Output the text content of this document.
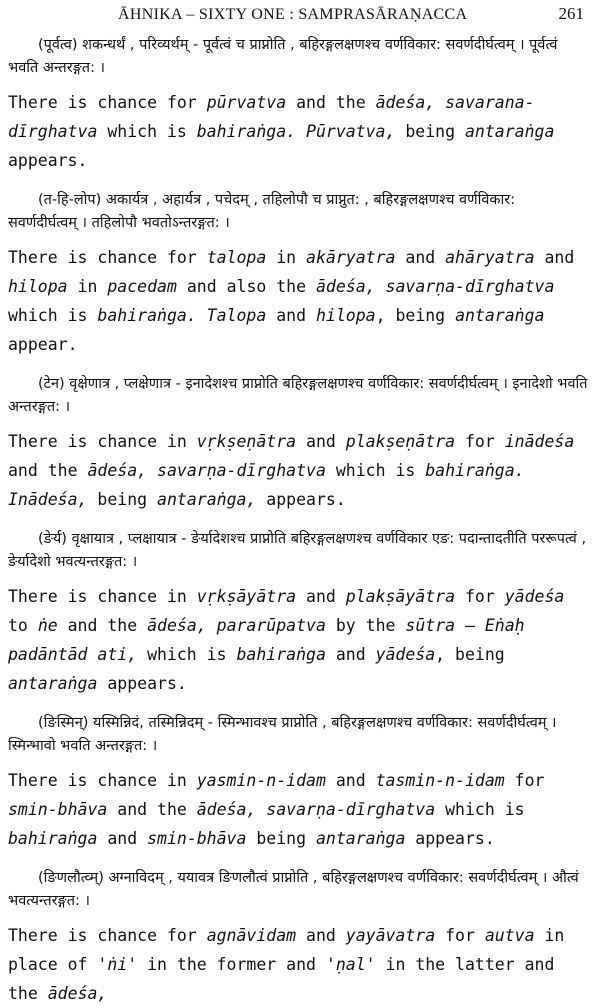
ĀHNIKA – SIXTY ONE : SAMPRASĀRAṆACCA	261

(पूर्वत्व) शकन्धर्थं , परिव्यर्थम् - पूर्वत्वं च प्राप्नोति , बहिरङ्गलक्षणश्च वर्णविकार: सवर्णदीर्घत्वम् । पूर्वत्वं भवति अन्तरङ्गत: ।

There is chance for pūrvatva and the ādeśa, savarana-dīrghatva which is bahiraṅga. Pūrvatva, being antaraṅga appears.

(त-हि-लोप) अकार्यत्र , अहार्यत्र , पचेदम् , तहिलोपौ च प्राप्नुत: , बहिरङ्गलक्षणश्च वर्णविकार: सवर्णदीर्घत्वम् । तहिलोपौ भवतोऽन्तरङ्गत: ।

There is chance for talopa in akāryatra and ahāryatra and hilopa in pacedam and also the ādeśa, savarṇa-dīrghatva which is bahiraṅga. Talopa and hilopa, being antaraṅga appear.

(टेन) वृक्षेणात्र , प्लक्षेणात्र - इनादेशश्च प्राप्नोति बहिरङ्गलक्षणश्च वर्णविकार: सवर्णदीर्घत्वम् । इनादेशो भवति अन्तरङ्गत: ।

There is chance in vṛkṣeṇātra and plakṣeṇātra for inādeśa and the ādeśa, savarṇa-dīrghatva which is bahiraṅga. Inādeśa, being antaraṅga, appears.

(ङेर्य) वृक्षायात्र , प्लक्षायात्र - ङेर्यादेशश्च प्राप्नोति बहिरङ्गलक्षणश्च वर्णविकार एङ: पदान्तादतीति पररूपत्वं , ङेर्यादेशो भवत्यन्तरङ्गत: ।

There is chance in vṛkṣāyātra and plakṣāyātra for yādeśa to ṅe and the ādeśa, pararūpatva by the sūtra – Eṅaḥ padāntād ati, which is bahiraṅga and yādeśa, being antaraṅga appears.

(ङिस्मिन्) यस्मिन्निदं, तस्मिन्निदम् - स्मिन्भावश्च प्राप्नोति , बहिरङ्गलक्षणश्च वर्णविकार: सवर्णदीर्घत्वम् । स्मिन्भावो भवति अन्तरङ्गत: ।

There is chance in yasmin-n-idam and tasmin-n-idam for smin-bhāva and the ādeśa, savarṇa-dīrghatva which is bahiraṅga and smin-bhāva being antaraṅga appears.

(ङिणलौत्व्म्) अग्नाविदम् , ययावत्र ङिणलौत्वं प्राप्नोति , बहिरङ्गलक्षणश्च वर्णविकार: सवर्णदीर्घत्वम् । औत्वं भवत्यन्तरङ्गत: ।

There is chance for agnāvidam and yayāvatra for autva in place of 'ṅi' in the former and 'ṇal' in the latter and the ādeśa,
